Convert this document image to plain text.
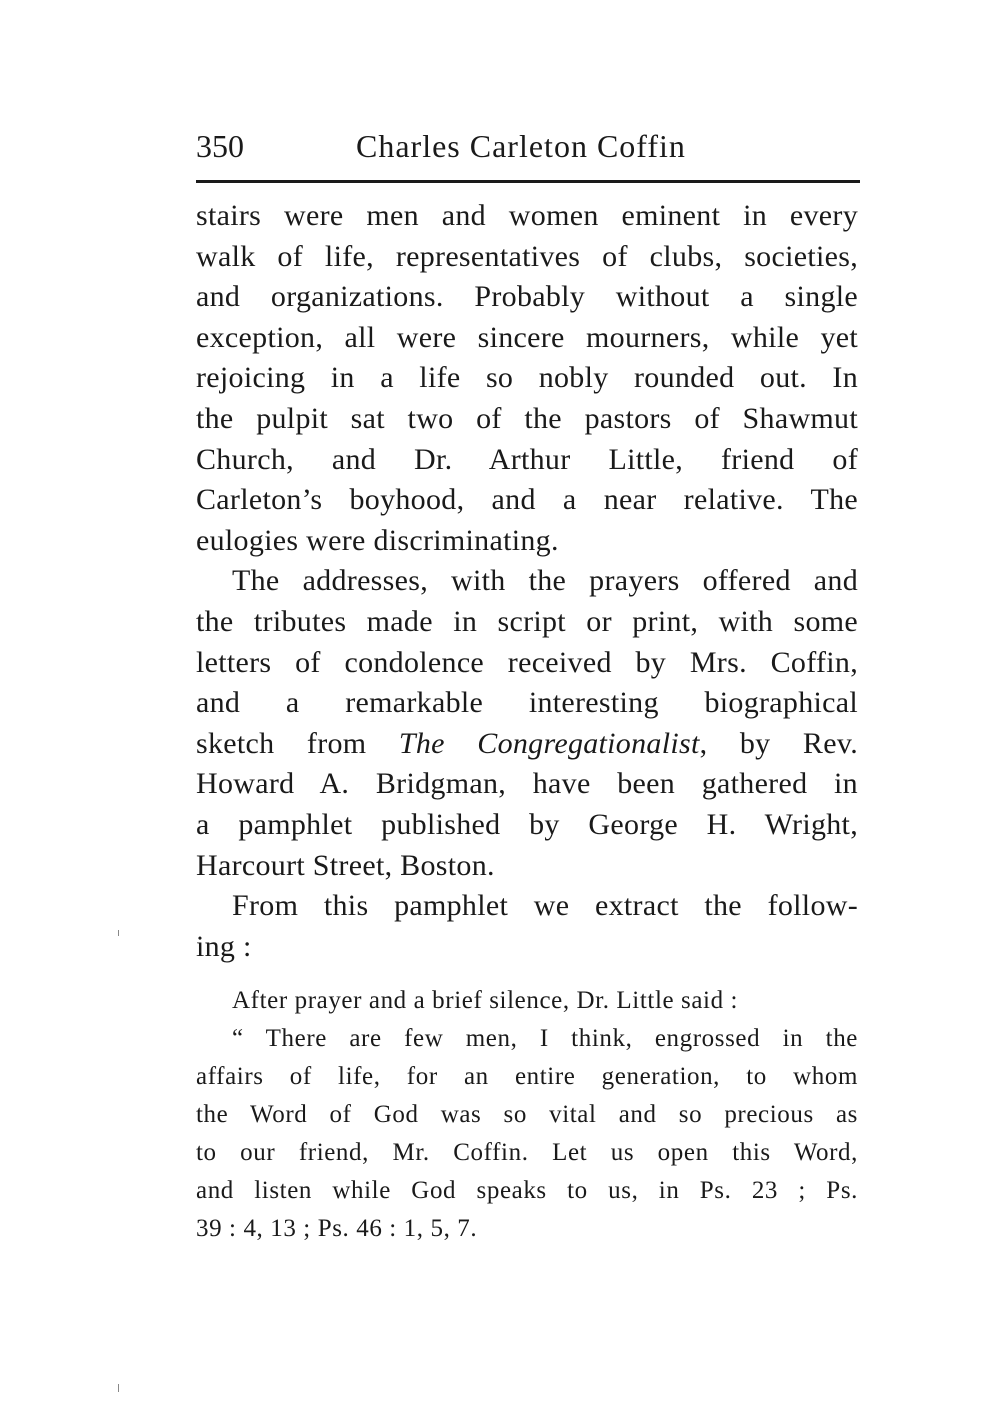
350	Charles Carleton Coffin

stairs were men and women eminent in every
walk of life, representatives of clubs, societies,
and organizations. Probably without a single
exception, all were sincere mourners, while yet
rejoicing in a life so nobly rounded out. In
the pulpit sat two of the pastors of Shawmut
Church, and Dr. Arthur Little, friend of
Carleton’s boyhood, and a near relative. The
eulogies were discriminating.

The addresses, with the prayers offered and
the tributes made in script or print, with some
letters of condolence received by Mrs. Coffin,
and a remarkable interesting biographical
sketch from The Congregationalist, by Rev.
Howard A. Bridgman, have been gathered in
a pamphlet published by George H. Wright,
Harcourt Street, Boston.

From this pamphlet we extract the follow-
ing :

After prayer and a brief silence, Dr. Little said :
“ There are few men, I think, engrossed in the
affairs of life, for an entire generation, to whom
the Word of God was so vital and so precious as
to our friend, Mr. Coffin. Let us open this Word,
and listen while God speaks to us, in Ps. 23 ; Ps.
39 : 4, 13 ; Ps. 46 : 1, 5, 7.
